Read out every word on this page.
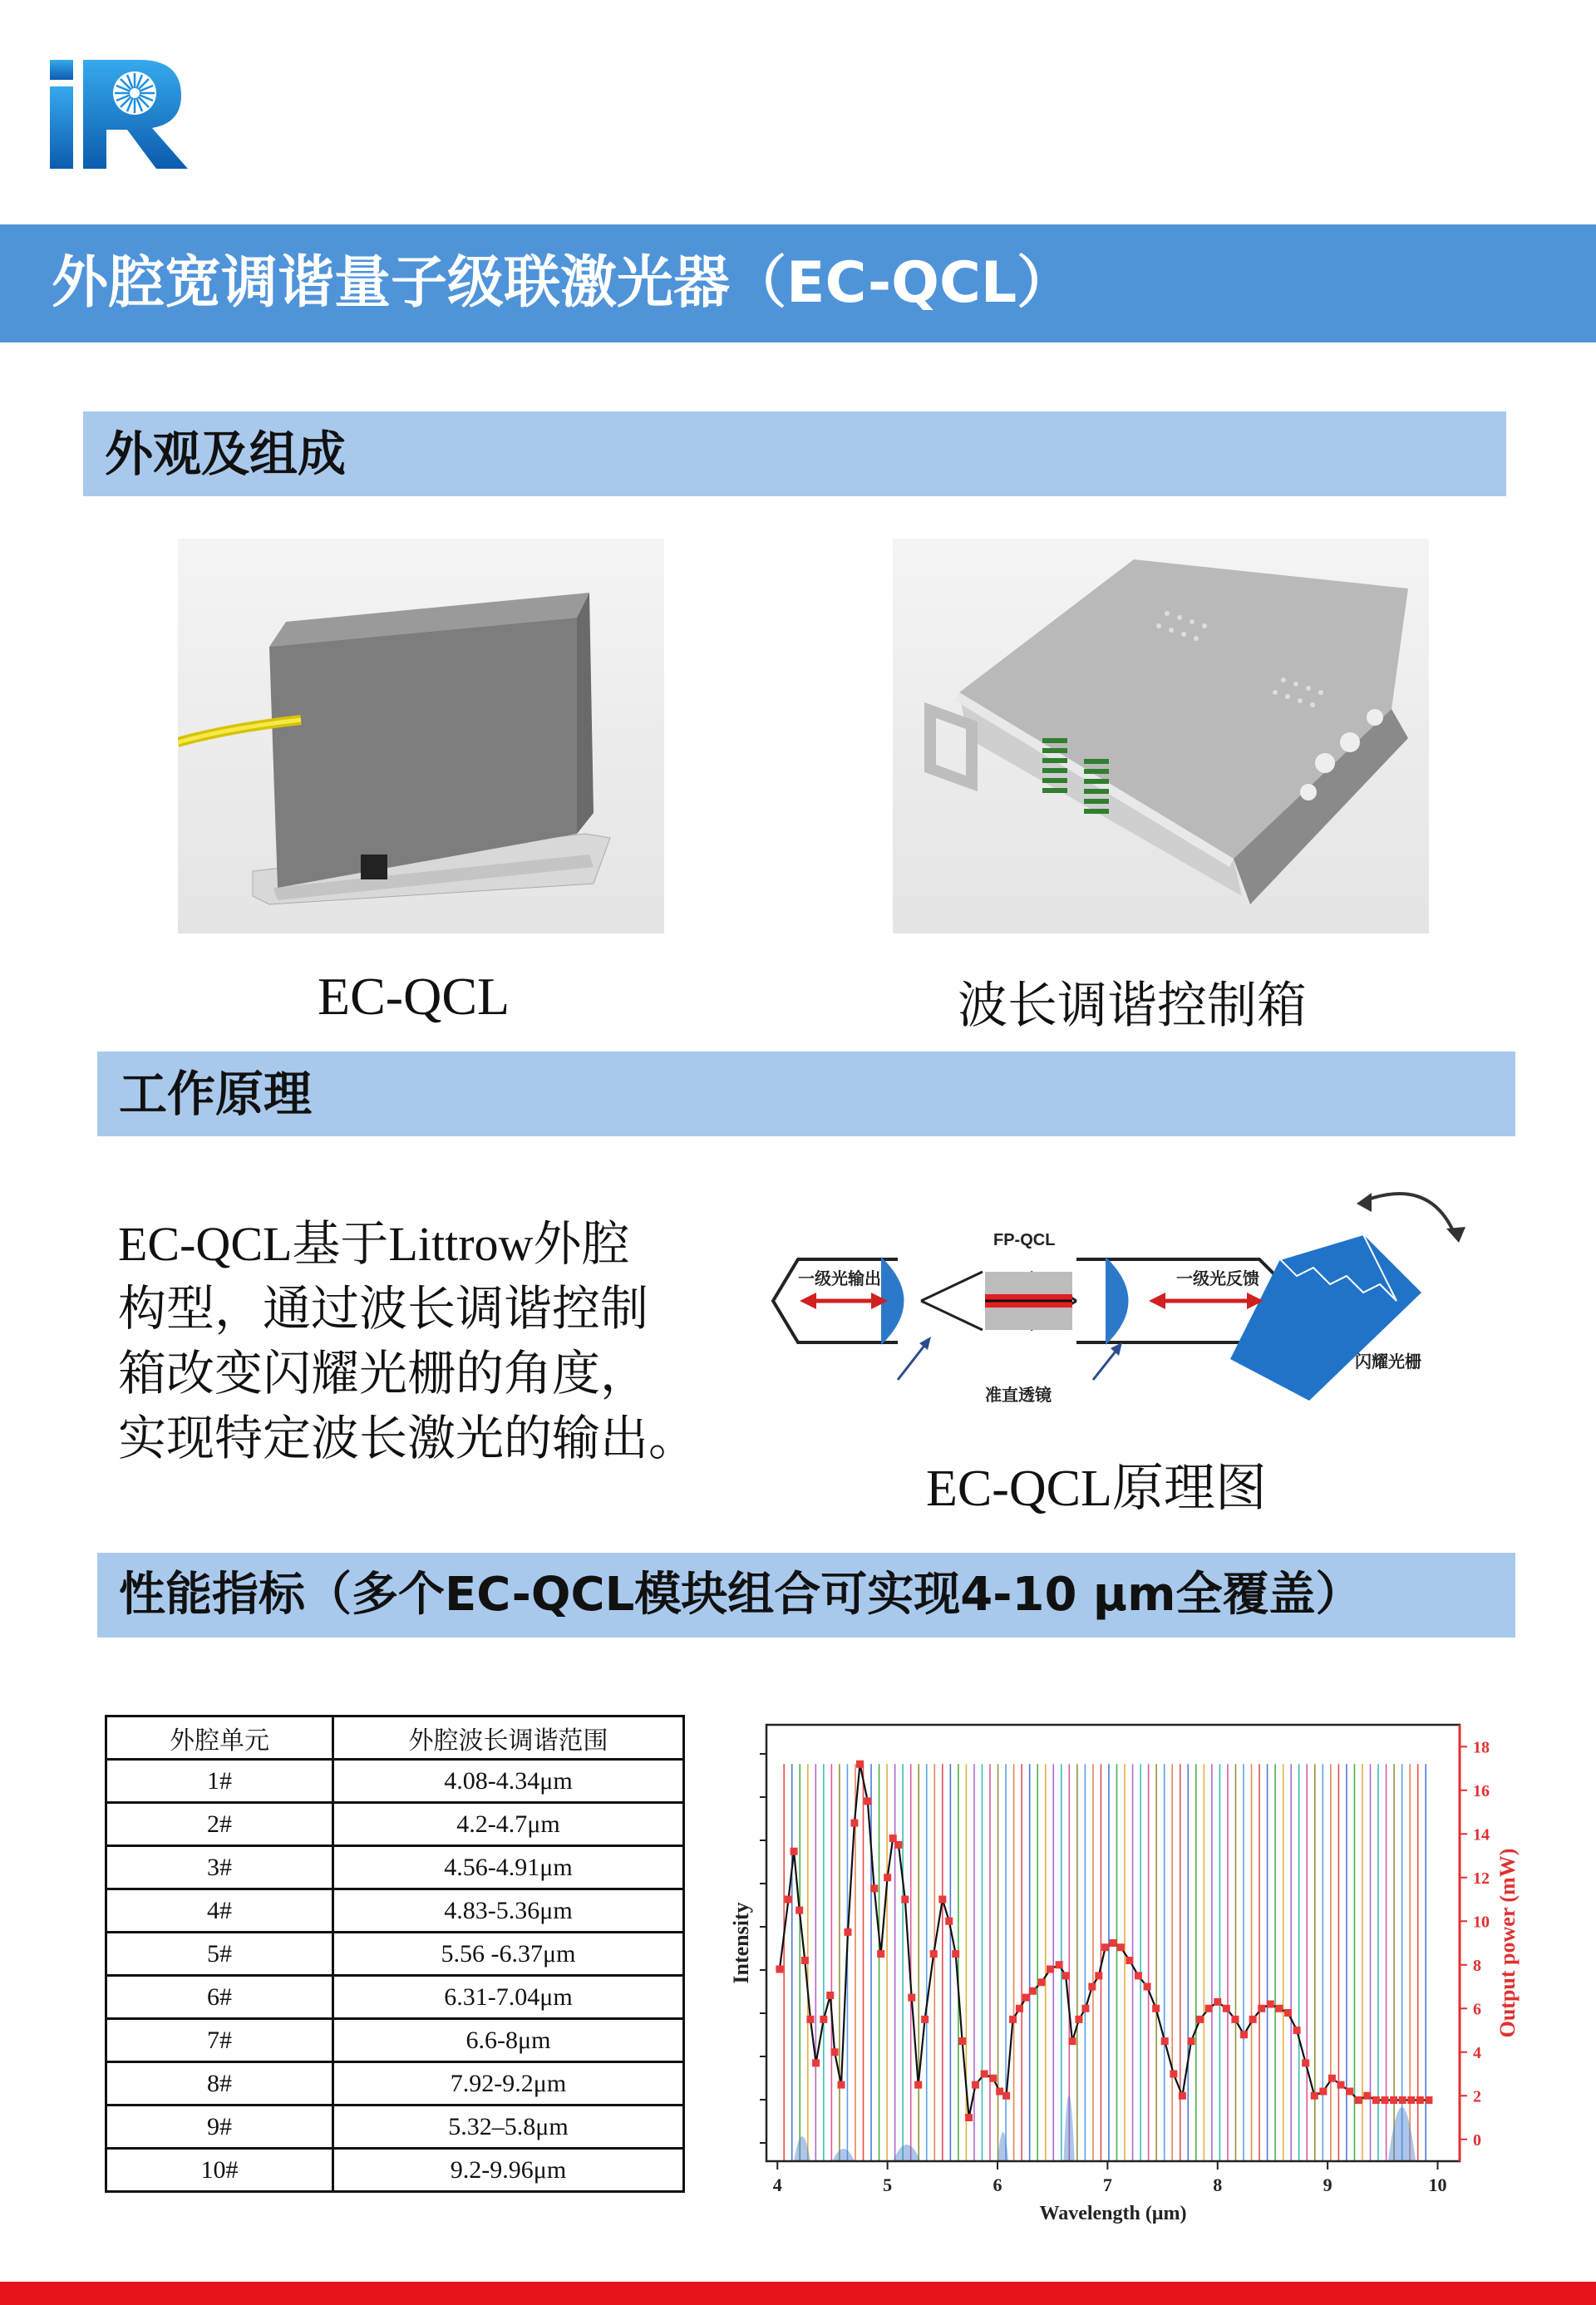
外腔宽调谐量子级联激光器（EC-QCL）
外观及组成
EC-QCL	波长调谐控制箱
工作原理
EC-QCL基于Littrow外腔
构型，通过波长调谐控制
箱改变闪耀光栅的角度，
实现特定波长激光的输出。
一级光输出
FP-QCL
一级光反馈
准直透镜
闪耀光栅
EC-QCL原理图
性能指标（多个EC-QCL模块组合可实现4-10 μm全覆盖）
外腔单元	外腔波长调谐范围
1#	4.08-4.34μm
2#	4.2-4.7μm
3#	4.56-4.91μm
4#	4.83-5.36μm
5#	5.56 -6.37μm
6#	6.31-7.04μm
7#	6.6-8μm
8#	7.92-9.2μm
9#	5.32–5.8μm
10#	9.2-9.96μm
4	5	6	7	8	9	10
0
2
4
6
8
10
12
14
16
18
Wavelength (μm)
Intensity	Output power (mW)
